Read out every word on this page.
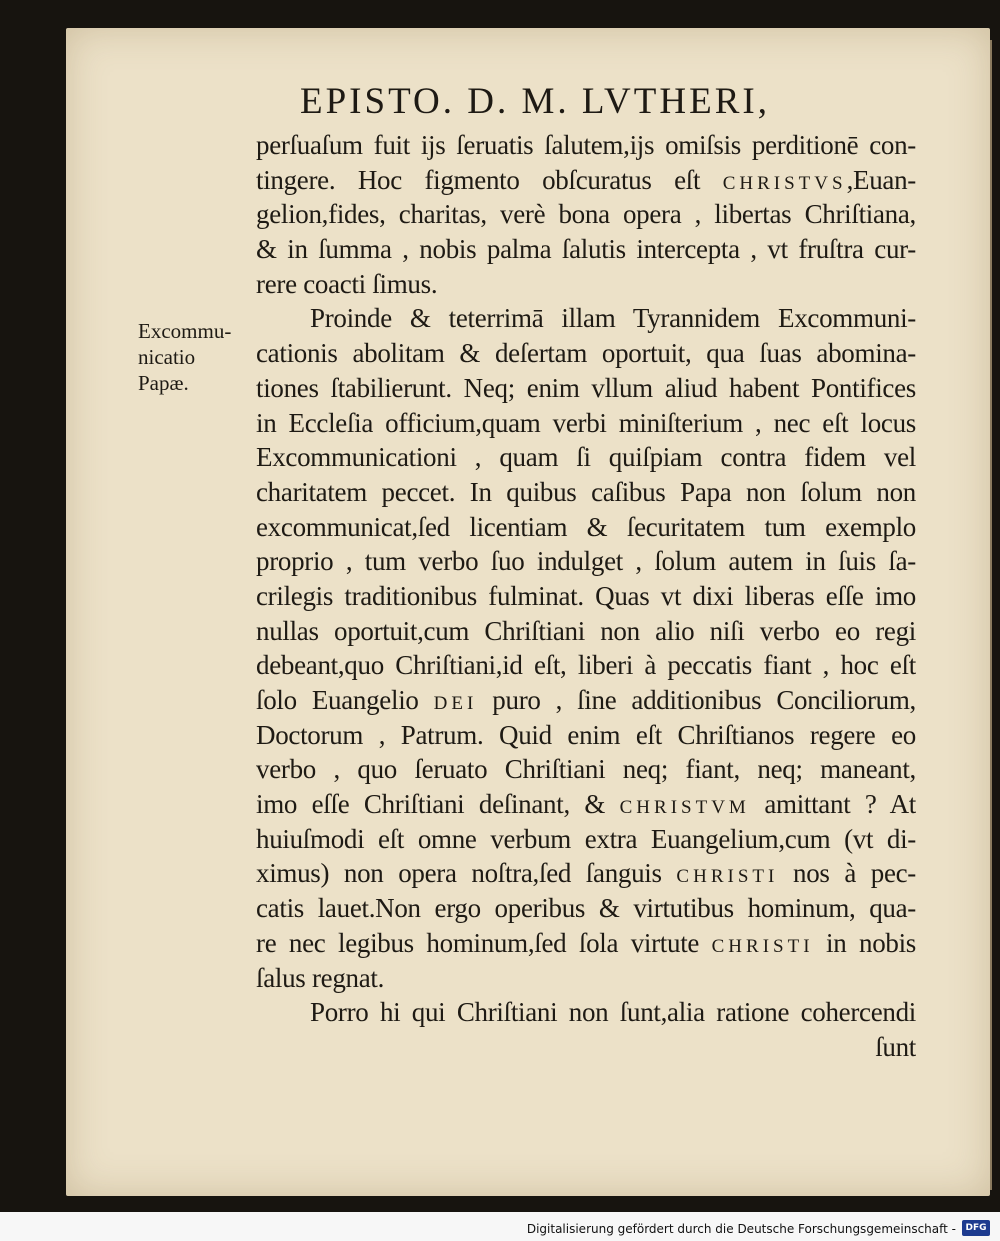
EPISTO. D. M. LVTHERI,
Excommu-
nicatio
Papæ.
perſuaſum fuit ijs ſeruatis ſalutem,ijs omiſsis perditionē con-
tingere. Hoc figmento obſcuratus eſt CHRISTVS,Euan-
gelion,fides, charitas, verè bona opera , libertas Chriſtiana,
& in ſumma , nobis palma ſalutis intercepta , vt fruſtra cur-
rere coacti ſimus.
Proinde & teterrimā illam Tyrannidem Excommuni-
cationis abolitam & deſertam oportuit, qua ſuas abomina-
tiones ſtabilierunt. Neq; enim vllum aliud habent Pontifices
in Eccleſia officium,quam verbi miniſterium , nec eſt locus
Excommunicationi , quam ſi quiſpiam contra fidem vel
charitatem peccet. In quibus caſibus Papa non ſolum non
excommunicat,ſed licentiam & ſecuritatem tum exemplo
proprio , tum verbo ſuo indulget , ſolum autem in ſuis ſa-
crilegis traditionibus fulminat. Quas vt dixi liberas eſſe imo
nullas oportuit,cum Chriſtiani non alio niſi verbo eo regi
debeant,quo Chriſtiani,id eſt, liberi à peccatis fiant , hoc eſt
ſolo Euangelio DEI puro , ſine additionibus Conciliorum,
Doctorum , Patrum. Quid enim eſt Chriſtianos regere eo
verbo , quo ſeruato Chriſtiani neq; fiant, neq; maneant,
imo eſſe Chriſtiani deſinant, & CHRISTVM amittant ? At
huiuſmodi eſt omne verbum extra Euangelium,cum (vt di-
ximus) non opera noſtra,ſed ſanguis CHRISTI nos à pec-
catis lauet.Non ergo operibus & virtutibus hominum, qua-
re nec legibus hominum,ſed ſola virtute CHRISTI in nobis
ſalus regnat.
Porro hi qui Chriſtiani non ſunt,alia ratione cohercendi
ſunt
Digitalisierung gefördert durch die Deutsche Forschungsgemeinschaft -	DFG
